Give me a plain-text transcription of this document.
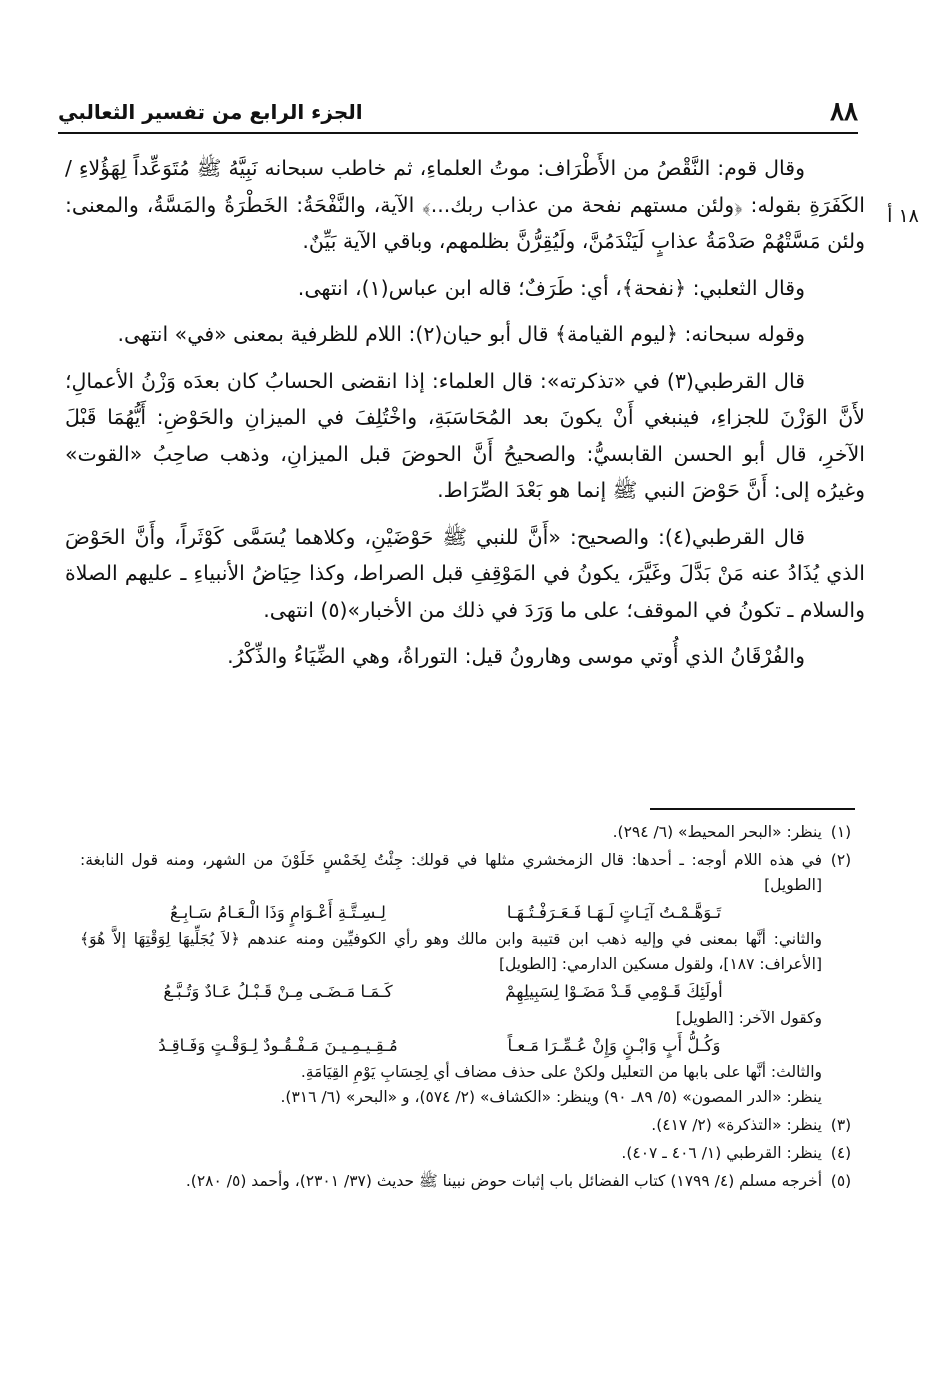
٨٨
الجزء الرابع من تفسير الثعالبي
١٨ أ

وقال قوم: النَّقْصُ من الأَطْرَاف: موتُ العلماءِ، ثم خاطب سبحانه نَبِيَّهُ ﷺ مُتَوَعِّداً لِهَؤُلاءِ / الكَفَرَةِ بقوله: ﴿ولئن مستهم نفحة من عذاب ربك...﴾ الآية، والنَّفْحَةُ: الخَطْرَةُ والمَسَّةُ، والمعنى: ولئن مَسَّتْهُمْ صَدْمَةُ عذابٍ لَيَنْدَمُنَّ، ولَيُقِرُّنَّ بظلمهم، وباقي الآية بَيِّنٌ.

وقال الثعلبي: ﴿نفحة﴾، أي: طَرَفٌ؛ قاله ابن عباس(١)، انتهى.

وقوله سبحانه: ﴿ليوم القيامة﴾ قال أبو حيان(٢): اللام للظرفية بمعنى «في» انتهى.

قال القرطبي(٣) في «تذكرته»: قال العلماء: إذا انقضى الحسابُ كان بعدَه وَزْنُ الأعمالِ؛ لأَنَّ الوَزْنَ للجزاءِ، فينبغي أَنْ يكونَ بعد المُحَاسَبَةِ، واخْتُلِفَ في الميزانِ والحَوْضِ: أَيُّهُمَا قَبْلَ الآخرِ، قال أبو الحسن القابسيُّ: والصحيحُ أَنَّ الحوضَ قبل الميزانِ، وذهب صاحِبُ «القوت» وغيرُه إلى: أَنَّ حَوْضَ النبي ﷺ إنما هو بَعْدَ الصِّرَاط.

قال القرطبي(٤): والصحيح: «أَنَّ للنبي ﷺ حَوْضَيْنِ، وكلاهما يُسَمَّى كَوْثَراً، وأَنَّ الحَوْضَ الذي يُذَادُ عنه مَنْ بَدَّلَ وغَيَّرَ، يكونُ في المَوْقِفِ قبل الصراط، وكذا حِيَاضُ الأنبياءِ ـ عليهم الصلاة والسلام ـ تكونُ في الموقف؛ على ما وَرَدَ في ذلك من الأخبار»(٥) انتهى.

والفُرْقَانُ الذي أُوتي موسى وهارونُ قيل: التوراةُ، وهي الضِّيَاءُ والذِّكْرُ.

(١)
ينظر: «البحر المحيط» (٦/ ٢٩٤).
(٢)
في هذه اللام أوجه: ـ أحدها: قال الزمخشري مثلها في قولك: جِئْتُ لِخَمْسٍ خَلَوْنَ من الشهر، ومنه قول النابغة: [الطويل]
تَـوَهَّـمْـتُ آيَـاتٍ لَـهَـا فَـعَـرَفْـتُـهَـا
لِـسِـتَّـةِ أَعْـوَامٍ وَذَا الْـعَـامُ سَـابِـعُ
والثاني: أنَّها بمعنى في وإليه ذهب ابن قتيبة وابن مالك وهو رأي الكوفيِّين ومنه عندهم ﴿لاَ يُجَلِّيهَا لِوَقْتِهَا إلاَّ هُوَ﴾ [الأعراف: ١٨٧]، ولقول مسكين الدارمي: [الطويل]
أولَئِكَ قَـوْمِي قَـدْ مَضَـوْا لِسَبِيلِهِمْ
كَـمَـا مَـضَـى مِـنْ قَـبْـلُ عَـادٌ وَتُـبَّـعُ
وكقول الآخر: [الطويل]
وَكُـلُّ أَبٍ وَابْـنٍ وَإِنْ عُـمِّـرَا مَـعـاً
مُـقِـيـمِـيـنَ مَـفْـقُـودٌ لِـوَقْـتٍ وَفَـاقِـدُ
والثالث: أنَّها على بابها من التعليل ولكنْ على حذف مضاف أي لِحِسَابِ يَوْمِ القِيَامَةِ.
ينظر: «الدر المصون» (٥/ ٨٩ـ ٩٠) وينظر: «الكشاف» (٢/ ٥٧٤)، و «البحر» (٦/ ٣١٦).
(٣)
ينظر: «التذكرة» (٢/ ٤١٧).
(٤)
ينظر: القرطبي (١/ ٤٠٦ ـ ٤٠٧).
(٥)
أخرجه مسلم (٤/ ١٧٩٩) كتاب الفضائل باب إثبات حوض نبينا ﷺ حديث (٣٧/ ٢٣٠١)، وأحمد (٥/ ٢٨٠).
